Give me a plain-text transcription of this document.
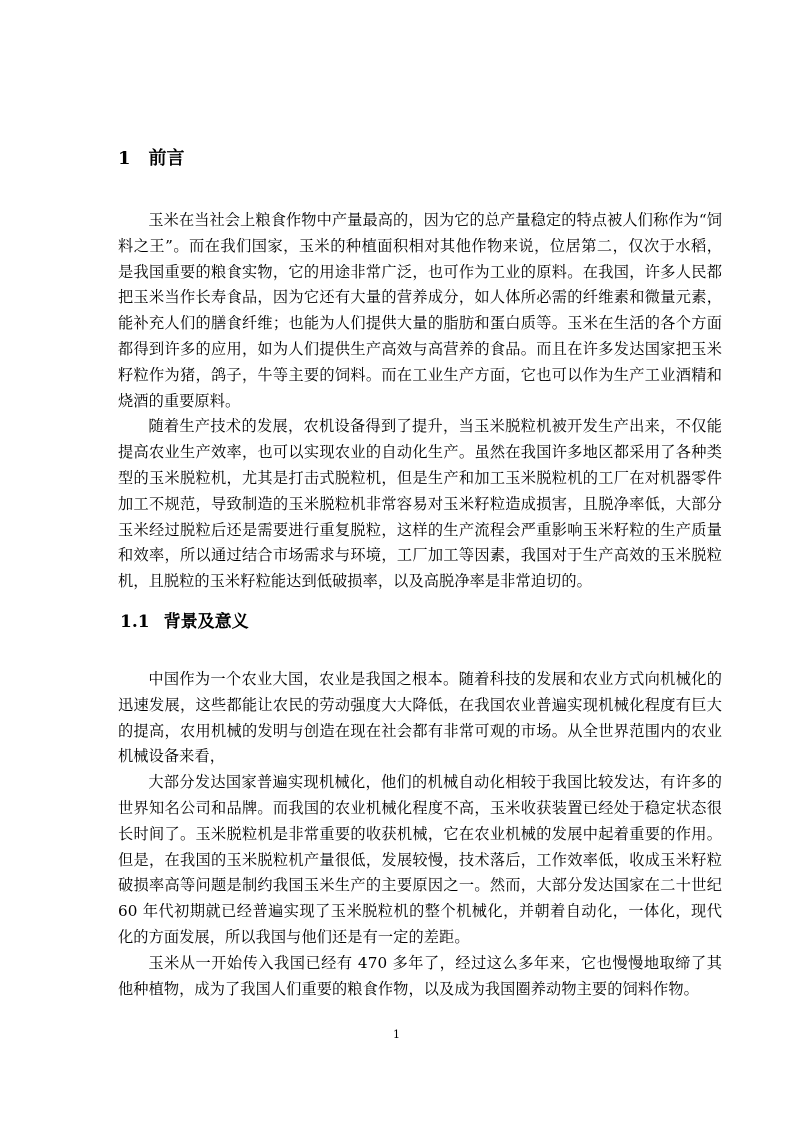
1 前言

玉米在当社会上粮食作物中产量最高的，因为它的总产量稳定的特点被人们称作为“饲料之王”。而在我们国家，玉米的种植面积相对其他作物来说，位居第二，仅次于水稻，是我国重要的粮食实物，它的用途非常广泛，也可作为工业的原料。在我国，许多人民都把玉米当作长寿食品，因为它还有大量的营养成分，如人体所必需的纤维素和微量元素，能补充人们的膳食纤维；也能为人们提供大量的脂肪和蛋白质等。玉米在生活的各个方面都得到许多的应用，如为人们提供生产高效与高营养的食品。而且在许多发达国家把玉米籽粒作为猪，鸽子，牛等主要的饲料。而在工业生产方面，它也可以作为生产工业酒精和烧酒的重要原料。

随着生产技术的发展，农机设备得到了提升，当玉米脱粒机被开发生产出来，不仅能提高农业生产效率，也可以实现农业的自动化生产。虽然在我国许多地区都采用了各种类型的玉米脱粒机，尤其是打击式脱粒机，但是生产和加工玉米脱粒机的工厂在对机器零件加工不规范，导致制造的玉米脱粒机非常容易对玉米籽粒造成损害，且脱净率低，大部分玉米经过脱粒后还是需要进行重复脱粒，这样的生产流程会严重影响玉米籽粒的生产质量和效率，所以通过结合市场需求与环境，工厂加工等因素，我国对于生产高效的玉米脱粒机，且脱粒的玉米籽粒能达到低破损率，以及高脱净率是非常迫切的。

1.1 背景及意义

中国作为一个农业大国，农业是我国之根本。随着科技的发展和农业方式向机械化的迅速发展，这些都能让农民的劳动强度大大降低，在我国农业普遍实现机械化程度有巨大的提高，农用机械的发明与创造在现在社会都有非常可观的市场。从全世界范围内的农业机械设备来看，

大部分发达国家普遍实现机械化，他们的机械自动化相较于我国比较发达，有许多的世界知名公司和品牌。而我国的农业机械化程度不高，玉米收获装置已经处于稳定状态很长时间了。玉米脱粒机是非常重要的收获机械，它在农业机械的发展中起着重要的作用。但是，在我国的玉米脱粒机产量很低，发展较慢，技术落后，工作效率低，收成玉米籽粒破损率高等问题是制约我国玉米生产的主要原因之一。然而，大部分发达国家在二十世纪 60 年代初期就已经普遍实现了玉米脱粒机的整个机械化，并朝着自动化，一体化，现代化的方面发展，所以我国与他们还是有一定的差距。

玉米从一开始传入我国已经有 470 多年了，经过这么多年来，它也慢慢地取缔了其他种植物，成为了我国人们重要的粮食作物，以及成为我国圈养动物主要的饲料作物。

1
